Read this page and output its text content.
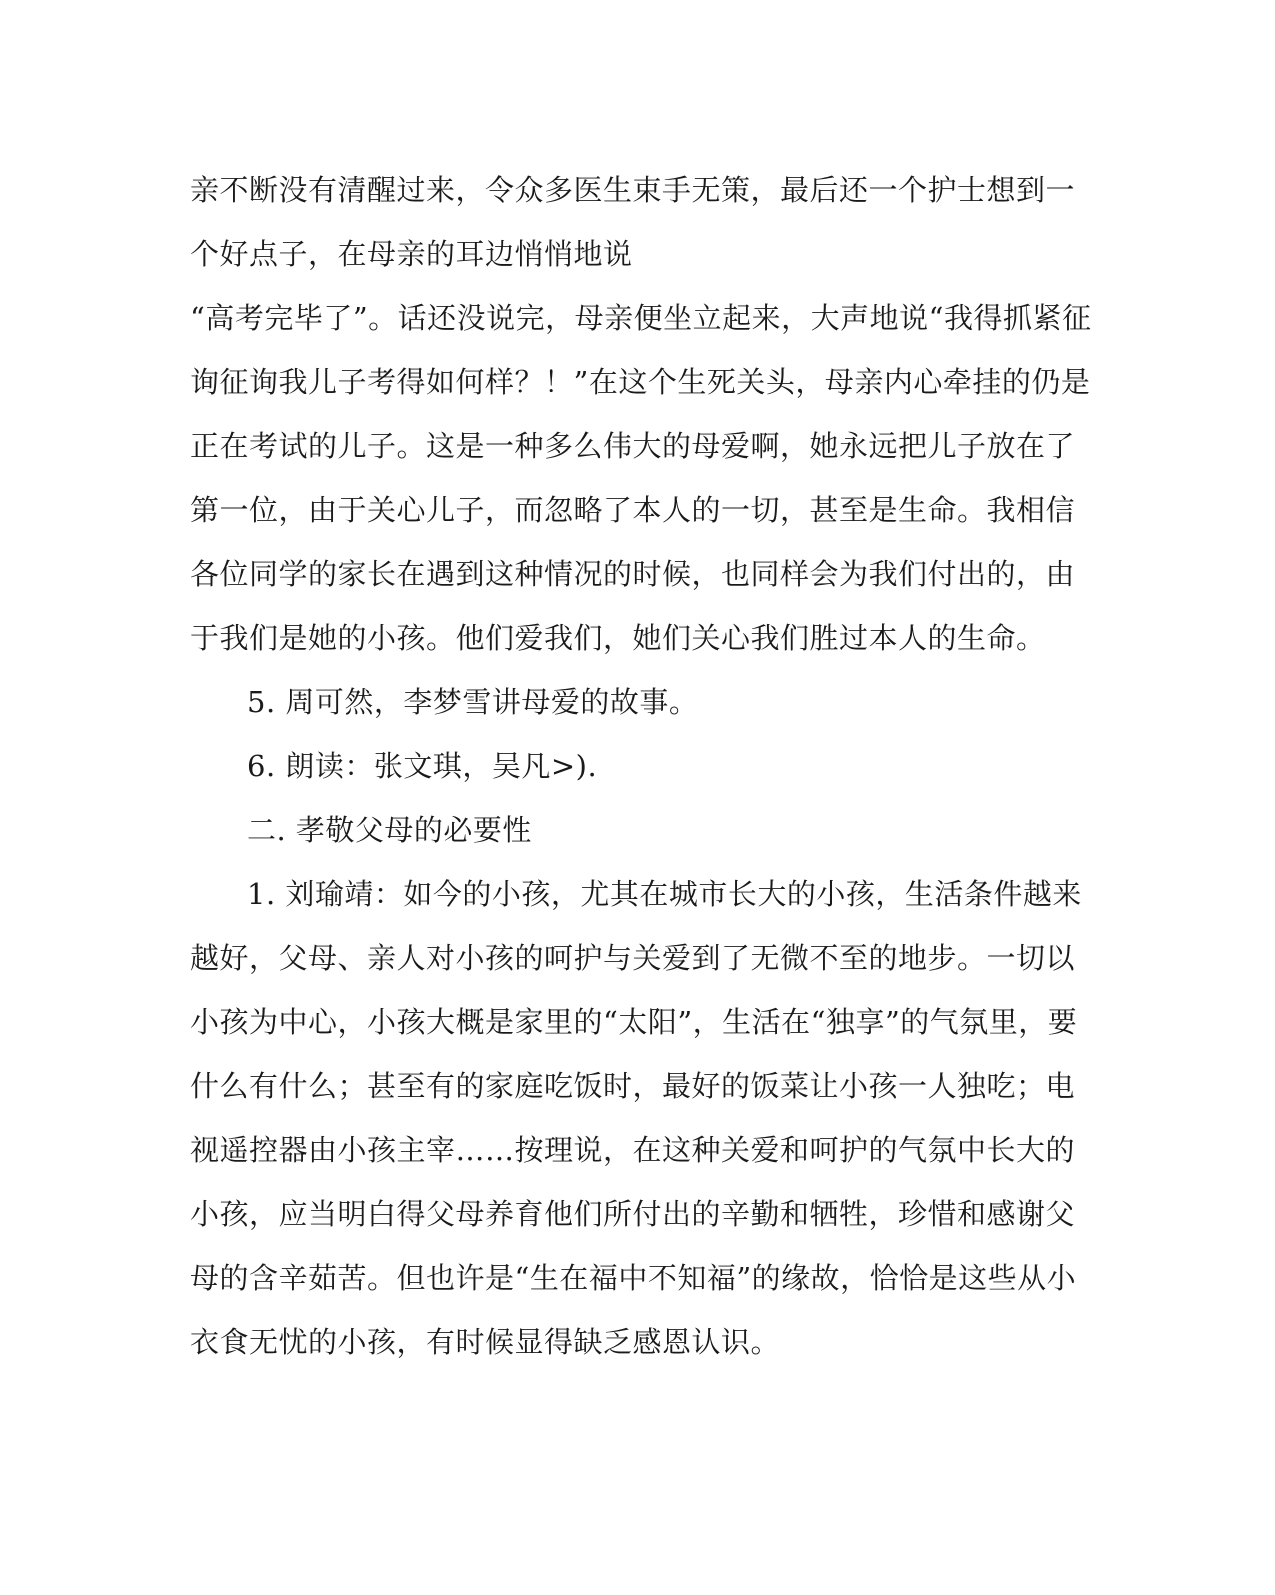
亲不断没有清醒过来，令众多医生束手无策，最后还一个护士想到一
个好点子，在母亲的耳边悄悄地说
“高考完毕了”。话还没说完，母亲便坐立起来，大声地说“我得抓紧征
询征询我儿子考得如何样？！”在这个生死关头，母亲内心牵挂的仍是
正在考试的儿子。这是一种多么伟大的母爱啊，她永远把儿子放在了
第一位，由于关心儿子，而忽略了本人的一切，甚至是生命。我相信
各位同学的家长在遇到这种情况的时候，也同样会为我们付出的，由
于我们是她的小孩。他们爱我们，她们关心我们胜过本人的生命。
5. 周可然，李梦雪讲母爱的故事。
6. 朗读：张文琪，吴凡>).
二. 孝敬父母的必要性
1. 刘瑜靖：如今的小孩，尤其在城市长大的小孩，生活条件越来
越好，父母、亲人对小孩的呵护与关爱到了无微不至的地步。一切以
小孩为中心，小孩大概是家里的“太阳”，生活在“独享”的气氛里，要
什么有什么；甚至有的家庭吃饭时，最好的饭菜让小孩一人独吃；电
视遥控器由小孩主宰……按理说，在这种关爱和呵护的气氛中长大的
小孩，应当明白得父母养育他们所付出的辛勤和牺牲，珍惜和感谢父
母的含辛茹苦。但也许是“生在福中不知福”的缘故，恰恰是这些从小
衣食无忧的小孩，有时候显得缺乏感恩认识。
